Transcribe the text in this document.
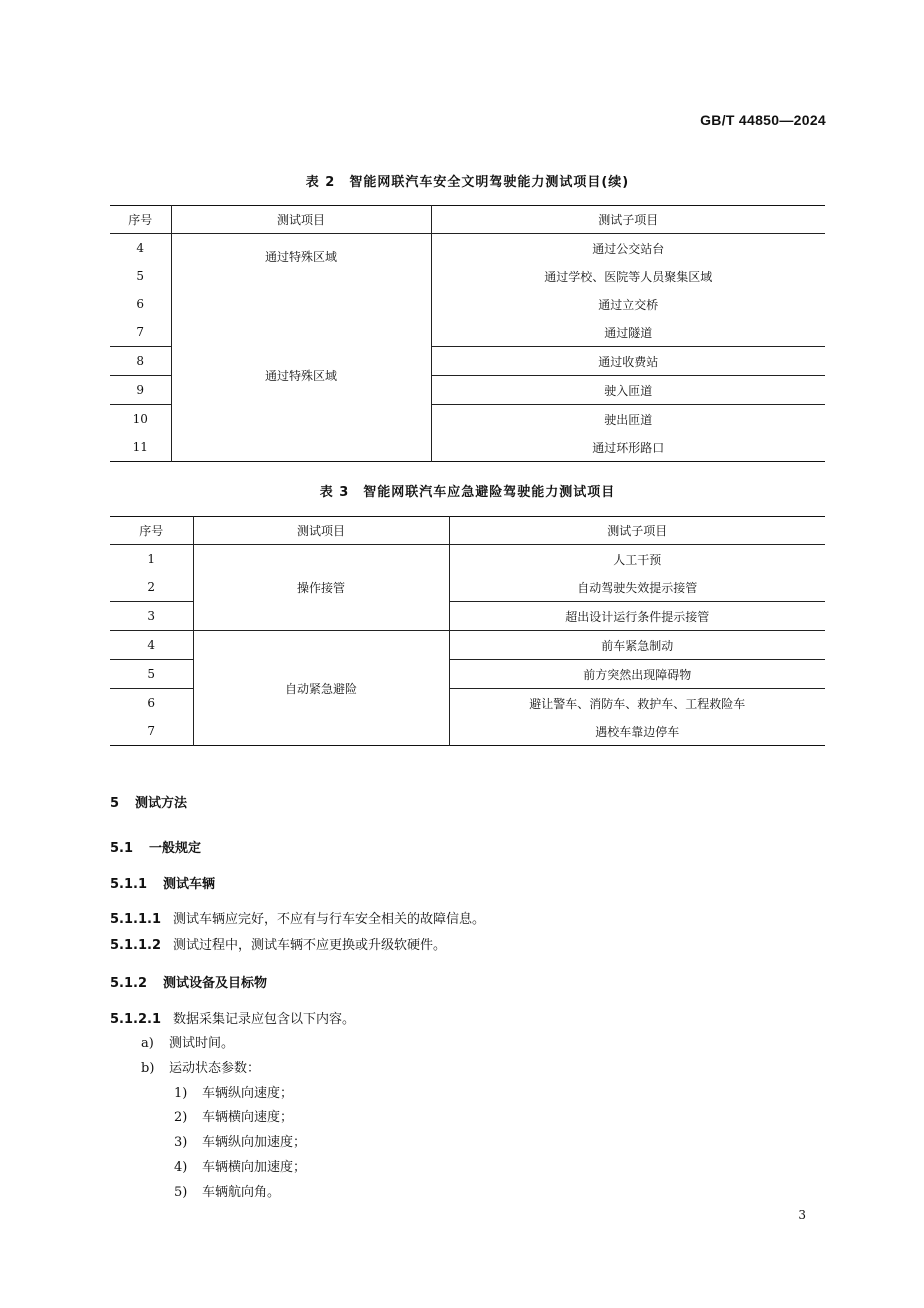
GB/T 44850—2024
表 2　智能网联汽车安全文明驾驶能力测试项目(续)
序号	测试项目	测试子项目
4	通过特殊区域	通过公交站台
5		通过学校、医院等人员聚集区域
6		通过立交桥
7		通过隧道
8	通过特殊区域	通过收费站
9		驶入匝道
10		驶出匝道
11		通过环形路口
表 3　智能网联汽车应急避险驾驶能力测试项目
序号	测试项目	测试子项目
1	操作接管	人工干预
2		自动驾驶失效提示接管
3		超出设计运行条件提示接管
4	自动紧急避险	前车紧急制动
5		前方突然出现障碍物
6		避让警车、消防车、救护车、工程救险车
7		遇校车靠边停车
5 测试方法
5.1 一般规定
5.1.1 测试车辆
5.1.1.1 测试车辆应完好，不应有与行车安全相关的故障信息。
5.1.1.2 测试过程中，测试车辆不应更换或升级软硬件。
5.1.2 测试设备及目标物
5.1.2.1 数据采集记录应包含以下内容。
a) 测试时间。
b) 运动状态参数：
1) 车辆纵向速度；
2) 车辆横向速度；
3) 车辆纵向加速度；
4) 车辆横向加速度；
5) 车辆航向角。
3
